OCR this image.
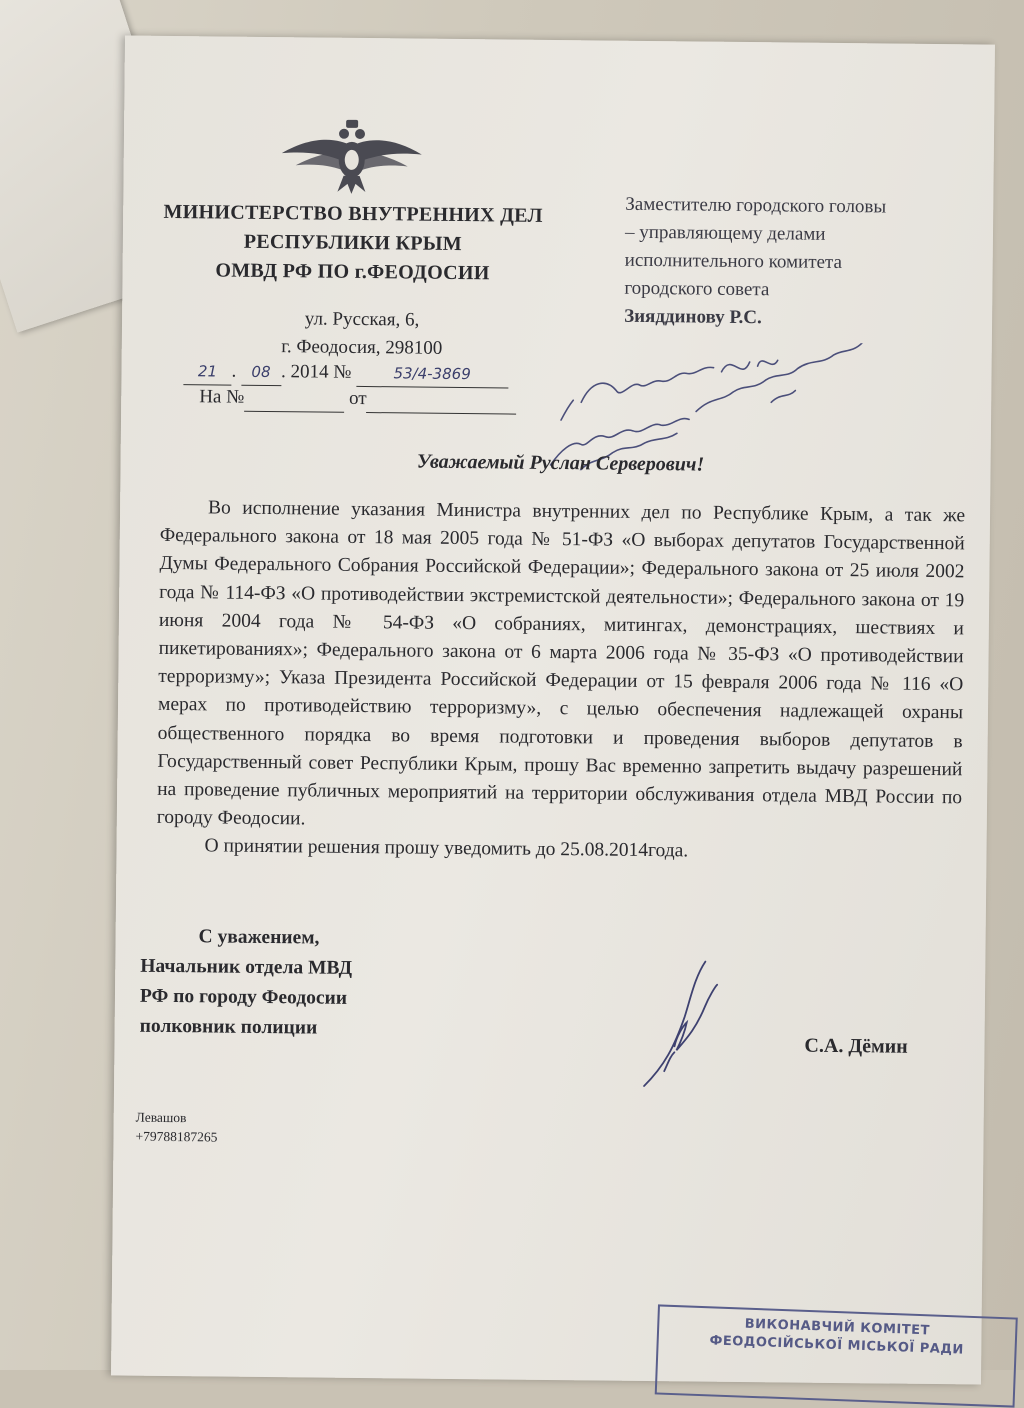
МИНИСТЕРСТВО ВНУТРЕННИХ ДЕЛ
РЕСПУБЛИКИ КРЫМ
ОМВД РФ ПО г.ФЕОДОСИИ
ул. Русская, 6,
г. Феодосия, 298100
21 . 08 . 2014 №	53/4-3869
На №	от
Заместителю городского головы
– управляющему делами
исполнительного комитета
городского совета
Зияддинову Р.С.
Уважаемый Руслан Серверович!

Во исполнение указания Министра внутренних дел по Республике Крым, а так же Федерального закона от 18 мая 2005 года № 51-ФЗ «О выборах депутатов Государственной Думы Федерального Собрания Российской Федерации»; Федерального закона от 25 июля 2002 года № 114-ФЗ «О противодействии экстремистской деятельности»; Федерального закона от 19 июня 2004 года № 54-ФЗ «О собраниях, митингах, демонстрациях, шествиях и пикетированиях»; Федерального закона от 6 марта 2006 года № 35-ФЗ «О противодействии терроризму»; Указа Президента Российской Федерации от 15 февраля 2006 года № 116 «О мерах по противодействию терроризму», с целью обеспечения надлежащей охраны общественного порядка во время подготовки и проведения выборов депутатов в Государственный совет Республики Крым, прошу Вас временно запретить выдачу разрешений на проведение публичных мероприятий на территории обслуживания отдела МВД России по городу Феодосии.

О принятии решения прошу уведомить до 25.08.2014года.

С уважением,
Начальник отдела МВД
РФ по городу Феодосии
полковник полиции
С.А. Дёмин
Левашов
+79788187265
ВИКОНАВЧИЙ КОМІТЕТ
ФЕОДОСІЙСЬКОЇ МІСЬКОЇ РАДИ
